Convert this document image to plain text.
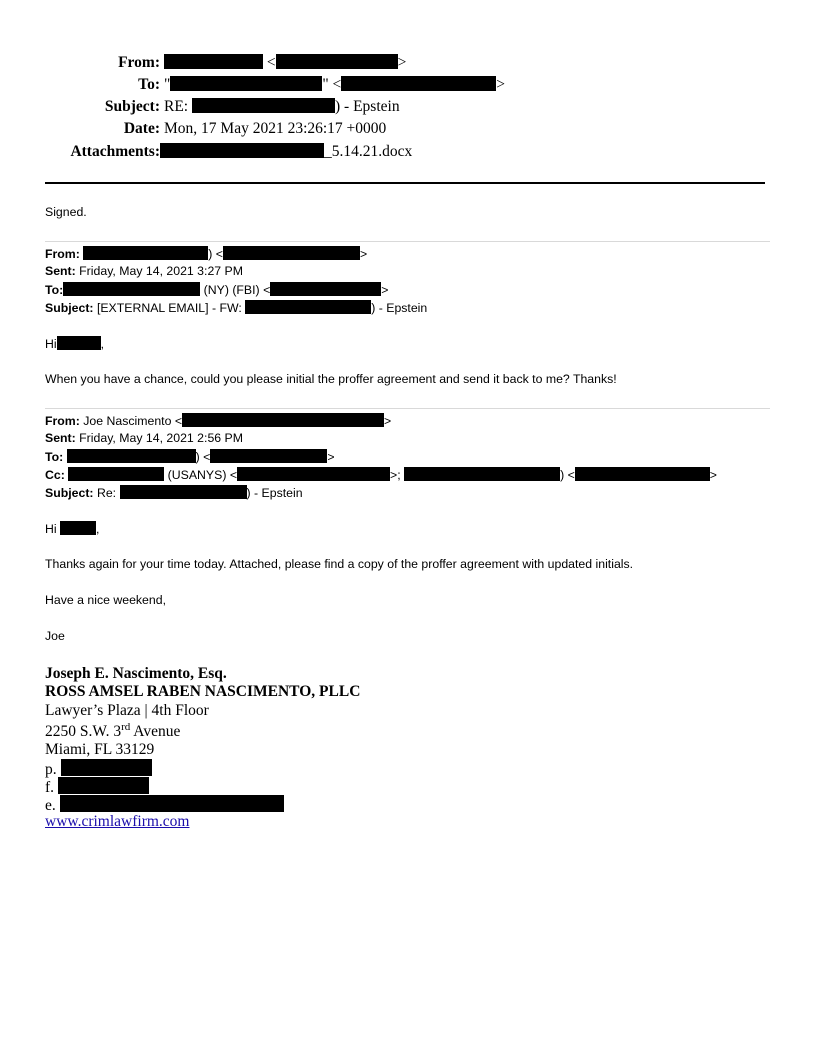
From:	<	>
To: "	" <	>
Subject: RE:	) - Epstein
Date: Mon, 17 May 2021 23:26:17 +0000
Attachments:	_5.14.21.docx
Signed.
From:	) <	>
Sent: Friday, May 14, 2021 3:27 PM
To:	(NY) (FBI) <	>
Subject: [EXTERNAL EMAIL] - FW:	) - Epstein
Hi	,
When you have a chance, could you please initial the proffer agreement and send it back to me? Thanks!
From: Joe Nascimento <	>
Sent: Friday, May 14, 2021 2:56 PM
To:	) <	>
Cc:	(USANYS) <	>;	) <	>
Subject: Re:	) - Epstein
Hi	,
Thanks again for your time today. Attached, please find a copy of the proffer agreement with updated initials.
Have a nice weekend,
Joe
Joseph E. Nascimento, Esq.
ROSS AMSEL RABEN NASCIMENTO, PLLC
Lawyer’s Plaza | 4th Floor
2250 S.W. 3rd Avenue
Miami, FL 33129
p.
f.
e.
www.crimlawfirm.com
